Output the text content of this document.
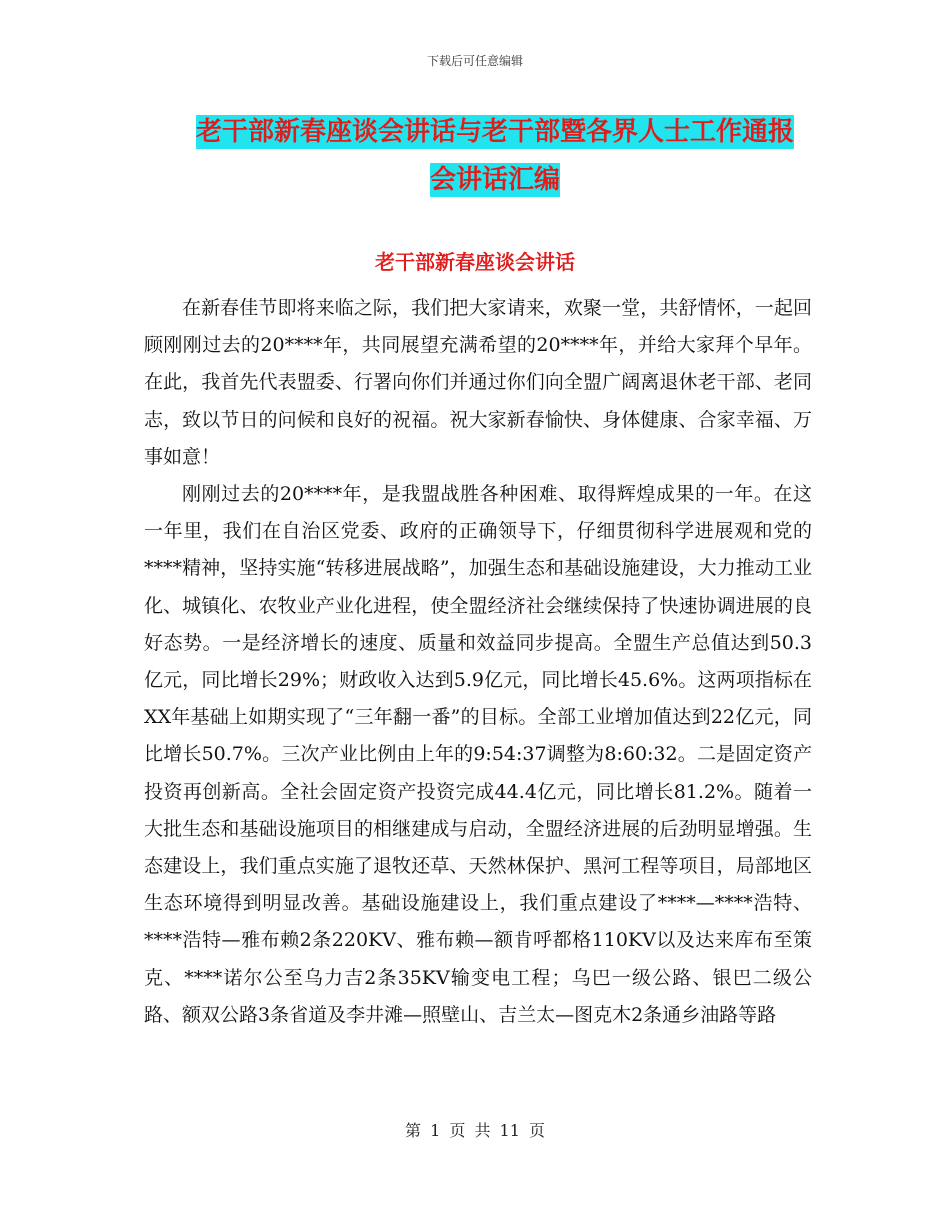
下载后可任意编辑
老干部新春座谈会讲话与老干部暨各界人士工作通报
会讲话汇编
老干部新春座谈会讲话

在新春佳节即将来临之际，我们把大家请来，欢聚一堂，共舒情怀，一起回顾刚刚过去的20****年，共同展望充满希望的20****年，并给大家拜个早年。在此，我首先代表盟委、行署向你们并通过你们向全盟广阔离退休老干部、老同志，致以节日的问候和良好的祝福。祝大家新春愉快、身体健康、合家幸福、万事如意！

刚刚过去的20****年，是我盟战胜各种困难、取得辉煌成果的一年。在这一年里，我们在自治区党委、政府的正确领导下，仔细贯彻科学进展观和党的****精神，坚持实施“转移进展战略”，加强生态和基础设施建设，大力推动工业化、城镇化、农牧业产业化进程，使全盟经济社会继续保持了快速协调进展的良好态势。一是经济增长的速度、质量和效益同步提高。全盟生产总值达到50.3亿元，同比增长29%；财政收入达到5.9亿元，同比增长45.6%。这两项指标在XX年基础上如期实现了“三年翻一番”的目标。全部工业增加值达到22亿元，同比增长50.7%。三次产业比例由上年的9:54:37调整为8:60:32。二是固定资产投资再创新高。全社会固定资产投资完成44.4亿元，同比增长81.2%。随着一大批生态和基础设施项目的相继建成与启动，全盟经济进展的后劲明显增强。生态建设上，我们重点实施了退牧还草、天然林保护、黑河工程等项目，局部地区生态环境得到明显改善。基础设施建设上，我们重点建设了****—****浩特、****浩特—雅布赖2条220KV、雅布赖—额肯呼都格110KV以及达来库布至策克、****诺尔公至乌力吉2条35KV输变电工程；乌巴一级公路、银巴二级公路、额双公路3条省道及李井滩—照壁山、吉兰太—图克木2条通乡油路等路

第 1 页 共 11 页
